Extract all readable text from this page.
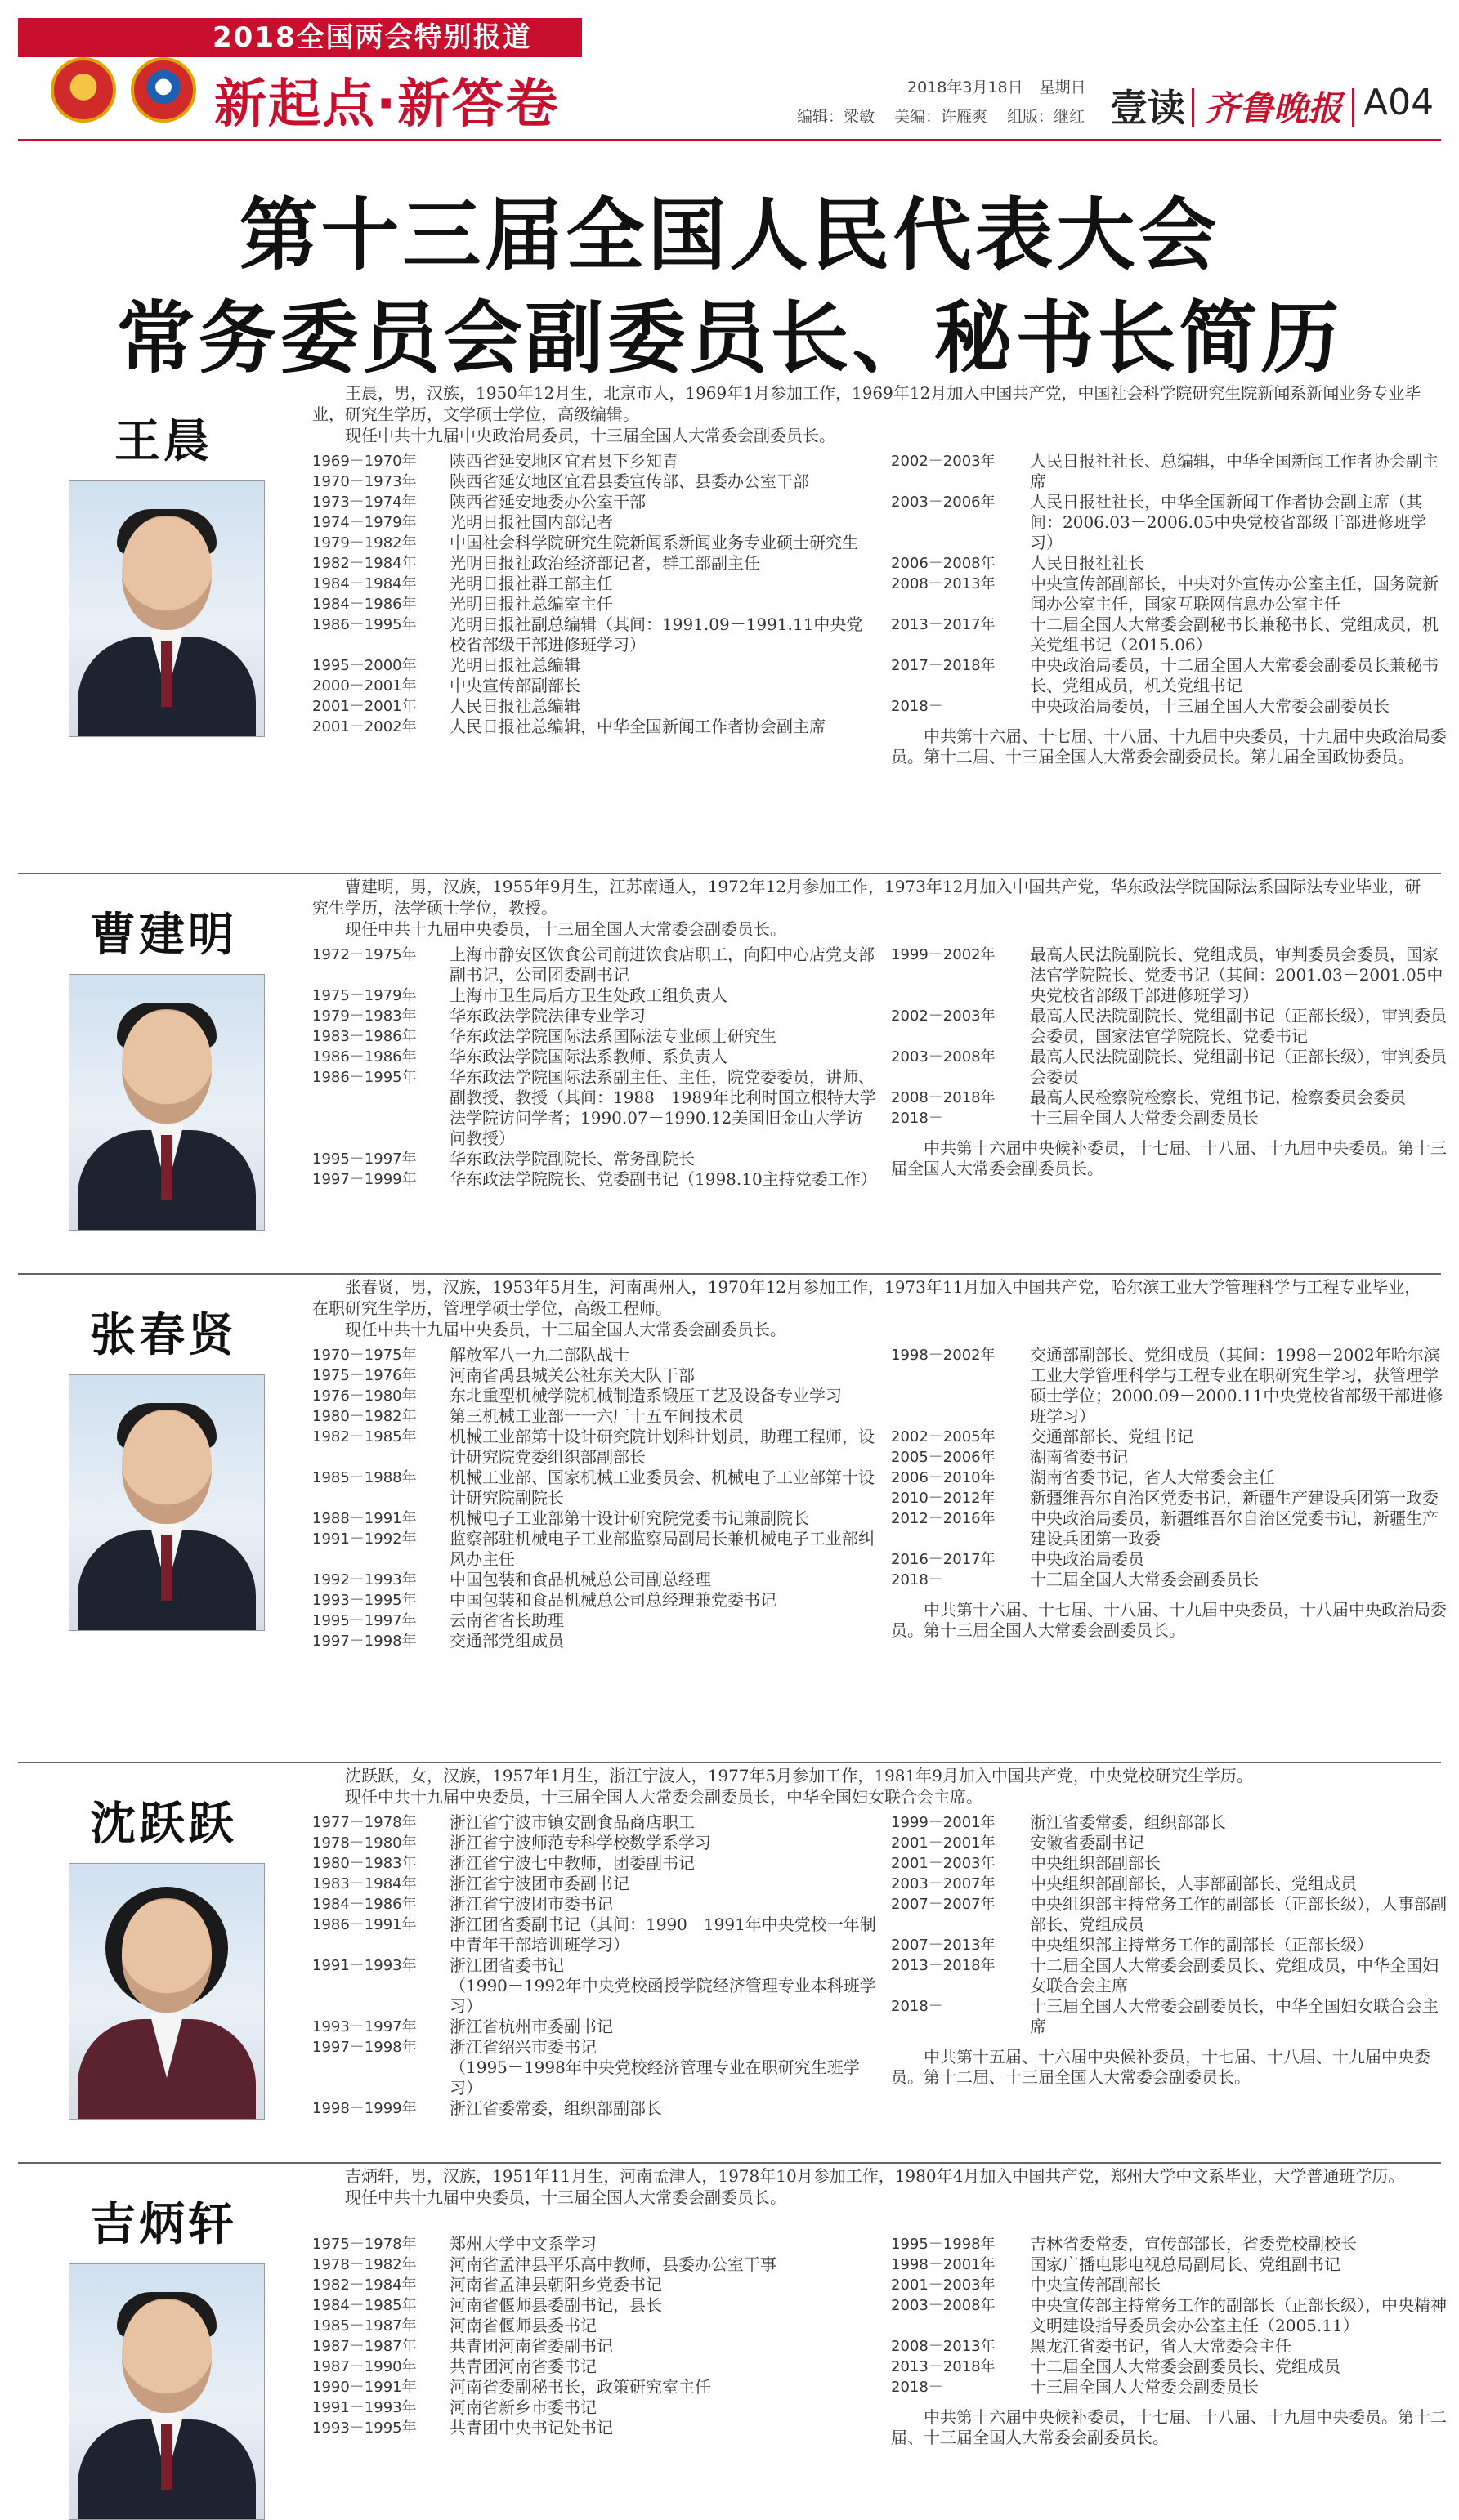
2018全国两会特别报道
新起点·新答卷	2018年3月18日 星期日
编辑：梁敏 美编：许雁爽 组版：继红 壹读 齐鲁晚报 A04
第十三届全国人民代表大会
常务委员会副委员长、秘书长简历
王晨

王晨，男，汉族，1950年12月生，北京市人，1969年1月参加工作，1969年12月加入中国共产党，中国社会科学院研究生院新闻系新闻业务专业毕业，研究生学历，文学硕士学位，高级编辑。

现任中共十九届中央政治局委员，十三届全国人大常委会副委员长。

1969－1970年	陕西省延安地区宜君县下乡知青
1970－1973年	陕西省延安地区宜君县委宣传部、县委办公室干部
1973－1974年	陕西省延安地委办公室干部
1974－1979年	光明日报社国内部记者
1979－1982年	中国社会科学院研究生院新闻系新闻业务专业硕士研究生
1982－1984年	光明日报社政治经济部记者，群工部副主任
1984－1984年	光明日报社群工部主任
1984－1986年	光明日报社总编室主任
1986－1995年	光明日报社副总编辑（其间：1991.09－1991.11中央党校省部级干部进修班学习）
1995－2000年	光明日报社总编辑
2000－2001年	中央宣传部副部长
2001－2001年	人民日报社总编辑
2001－2002年	人民日报社总编辑，中华全国新闻工作者协会副主席
2002－2003年	人民日报社社长、总编辑，中华全国新闻工作者协会副主席
2003－2006年	人民日报社社长，中华全国新闻工作者协会副主席（其间：2006.03－2006.05中央党校省部级干部进修班学习）
2006－2008年	人民日报社社长
2008－2013年	中央宣传部副部长，中央对外宣传办公室主任，国务院新闻办公室主任，国家互联网信息办公室主任
2013－2017年	十二届全国人大常委会副秘书长兼秘书长、党组成员，机关党组书记（2015.06）
2017－2018年	中央政治局委员，十二届全国人大常委会副委员长兼秘书长、党组成员，机关党组书记
2018－	中央政治局委员，十三届全国人大常委会副委员长
中共第十六届、十七届、十八届、十九届中央委员，十九届中央政治局委员。第十二届、十三届全国人大常委会副委员长。第九届全国政协委员。
曹建明

曹建明，男，汉族，1955年9月生，江苏南通人，1972年12月参加工作，1973年12月加入中国共产党，华东政法学院国际法系国际法专业毕业，研究生学历，法学硕士学位，教授。

现任中共十九届中央委员，十三届全国人大常委会副委员长。

1972－1975年	上海市静安区饮食公司前进饮食店职工，向阳中心店党支部副书记，公司团委副书记
1975－1979年	上海市卫生局后方卫生处政工组负责人
1979－1983年	华东政法学院法律专业学习
1983－1986年	华东政法学院国际法系国际法专业硕士研究生
1986－1986年	华东政法学院国际法系教师、系负责人
1986－1995年	华东政法学院国际法系副主任、主任，院党委委员，讲师、副教授、教授（其间：1988－1989年比利时国立根特大学法学院访问学者；1990.07－1990.12美国旧金山大学访问教授）
1995－1997年	华东政法学院副院长、常务副院长
1997－1999年	华东政法学院院长、党委副书记（1998.10主持党委工作）
1999－2002年	最高人民法院副院长、党组成员，审判委员会委员，国家法官学院院长、党委书记（其间：2001.03－2001.05中央党校省部级干部进修班学习）
2002－2003年	最高人民法院副院长、党组副书记（正部长级），审判委员会委员，国家法官学院院长、党委书记
2003－2008年	最高人民法院副院长、党组副书记（正部长级），审判委员会委员
2008－2018年	最高人民检察院检察长、党组书记，检察委员会委员
2018－	十三届全国人大常委会副委员长
中共第十六届中央候补委员，十七届、十八届、十九届中央委员。第十三届全国人大常委会副委员长。
张春贤

张春贤，男，汉族，1953年5月生，河南禹州人，1970年12月参加工作，1973年11月加入中国共产党，哈尔滨工业大学管理科学与工程专业毕业，在职研究生学历，管理学硕士学位，高级工程师。

现任中共十九届中央委员，十三届全国人大常委会副委员长。

1970－1975年	解放军八一九二部队战士
1975－1976年	河南省禹县城关公社东关大队干部
1976－1980年	东北重型机械学院机械制造系锻压工艺及设备专业学习
1980－1982年	第三机械工业部一一六厂十五车间技术员
1982－1985年	机械工业部第十设计研究院计划科计划员，助理工程师，设计研究院党委组织部副部长
1985－1988年	机械工业部、国家机械工业委员会、机械电子工业部第十设计研究院副院长
1988－1991年	机械电子工业部第十设计研究院党委书记兼副院长
1991－1992年	监察部驻机械电子工业部监察局副局长兼机械电子工业部纠风办主任
1992－1993年	中国包装和食品机械总公司副总经理
1993－1995年	中国包装和食品机械总公司总经理兼党委书记
1995－1997年	云南省省长助理
1997－1998年	交通部党组成员
1998－2002年	交通部副部长、党组成员（其间：1998－2002年哈尔滨工业大学管理科学与工程专业在职研究生学习，获管理学硕士学位；2000.09－2000.11中央党校省部级干部进修班学习）
2002－2005年	交通部部长、党组书记
2005－2006年	湖南省委书记
2006－2010年	湖南省委书记，省人大常委会主任
2010－2012年	新疆维吾尔自治区党委书记，新疆生产建设兵团第一政委
2012－2016年	中央政治局委员，新疆维吾尔自治区党委书记，新疆生产建设兵团第一政委
2016－2017年	中央政治局委员
2018－	十三届全国人大常委会副委员长
中共第十六届、十七届、十八届、十九届中央委员，十八届中央政治局委员。第十三届全国人大常委会副委员长。
沈跃跃

沈跃跃，女，汉族，1957年1月生，浙江宁波人，1977年5月参加工作，1981年9月加入中国共产党，中央党校研究生学历。

现任中共十九届中央委员，十三届全国人大常委会副委员长，中华全国妇女联合会主席。

1977－1978年	浙江省宁波市镇安副食品商店职工
1978－1980年	浙江省宁波师范专科学校数学系学习
1980－1983年	浙江省宁波七中教师，团委副书记
1983－1984年	浙江省宁波团市委副书记
1984－1986年	浙江省宁波团市委书记
1986－1991年	浙江团省委副书记（其间：1990－1991年中央党校一年制中青年干部培训班学习）
1991－1993年	浙江团省委书记
（1990－1992年中央党校函授学院经济管理专业本科班学习）
1993－1997年	浙江省杭州市委副书记
1997－1998年	浙江省绍兴市委书记
（1995－1998年中央党校经济管理专业在职研究生班学习）
1998－1999年	浙江省委常委，组织部副部长
1999－2001年	浙江省委常委，组织部部长
2001－2001年	安徽省委副书记
2001－2003年	中央组织部副部长
2003－2007年	中央组织部副部长，人事部副部长、党组成员
2007－2007年	中央组织部主持常务工作的副部长（正部长级），人事部副部长、党组成员
2007－2013年	中央组织部主持常务工作的副部长（正部长级）
2013－2018年	十二届全国人大常委会副委员长、党组成员，中华全国妇女联合会主席
2018－	十三届全国人大常委会副委员长，中华全国妇女联合会主席
中共第十五届、十六届中央候补委员，十七届、十八届、十九届中央委员。第十二届、十三届全国人大常委会副委员长。
吉炳轩

吉炳轩，男，汉族，1951年11月生，河南孟津人，1978年10月参加工作，1980年4月加入中国共产党，郑州大学中文系毕业，大学普通班学历。

现任中共十九届中央委员，十三届全国人大常委会副委员长。

1975－1978年	郑州大学中文系学习
1978－1982年	河南省孟津县平乐高中教师，县委办公室干事
1982－1984年	河南省孟津县朝阳乡党委书记
1984－1985年	河南省偃师县委副书记，县长
1985－1987年	河南省偃师县委书记
1987－1987年	共青团河南省委副书记
1987－1990年	共青团河南省委书记
1990－1991年	河南省委副秘书长，政策研究室主任
1991－1993年	河南省新乡市委书记
1993－1995年	共青团中央书记处书记
1995－1998年	吉林省委常委，宣传部部长，省委党校副校长
1998－2001年	国家广播电影电视总局副局长、党组副书记
2001－2003年	中央宣传部副部长
2003－2008年	中央宣传部主持常务工作的副部长（正部长级），中央精神文明建设指导委员会办公室主任（2005.11）
2008－2013年	黑龙江省委书记，省人大常委会主任
2013－2018年	十二届全国人大常委会副委员长、党组成员
2018－	十三届全国人大常委会副委员长
中共第十六届中央候补委员，十七届、十八届、十九届中央委员。第十二届、十三届全国人大常委会副委员长。
